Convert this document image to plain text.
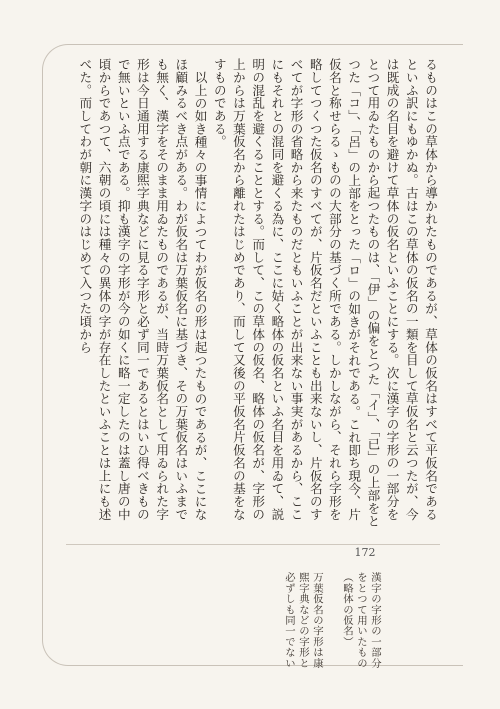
るものはこの草体から導かれたものであるが、草体の仮名はすべて平仮名であるといふ訳にもゆかぬ。古はこの草体の仮名の一類を目して草仮名と云つたが、今は既成の名目を避けて草体の仮名といふことにする。次に漢字の字形の一部分をとつて用ゐたものから起つたものは、「伊」の偏をとつた「イ」、「已」の上部をとつた「コ」、「呂」の上部をとった「ロ」の如きがそれである。これ即ち現今、片仮名と称せらるゝものの大部分の基づく所である。しかしながら、それら字形を略してつくつた仮名のすべてが、片仮名だといふことも出来ないし、片仮名のすべてが字形の省略から来たものだともいふことが出来ない事実があるから、ここにもそれとの混同を避くる為に、ここに姑く略体の仮名といふ名目を用ゐて、説明の混乱を避くることとする。而して、この草体の仮名、略体の仮名が、字形の上からは万葉仮名から離れたはじめであり、而して又後の平仮名片仮名の基をなすものである。

以上の如き種々の事情によつてわが仮名の形は起つたものであるが、ここになほ顧みるべき点がある。わが仮名は万葉仮名に基づき、その万葉仮名はいふまでも無く、漢字をそのまま用ゐたものであるが、当時万葉仮名として用ゐられた字形は今日通用する康煕字典などに見る字形と必ず同一であるとはいひ得べきもので無いといふ点である。抑も漢字の字形が今の如くに略一定したのは蓋し唐の中頃からであつて、六朝の頃には種々の異体の字が存在したといふことは上にも述べた。而してわが朝に漢字のはじめて入つた頃から

172
漢字の字形の一部分をとつて用いたもの（略体の仮名）
万葉仮名の字形は康煕字典などの字形と必ずしも同一でない
